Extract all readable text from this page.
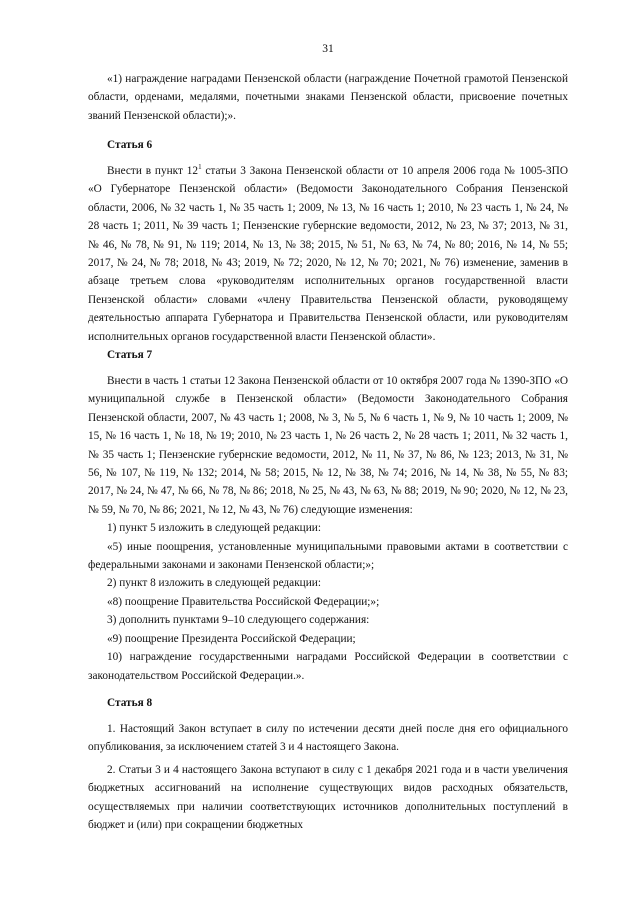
31

«1) награждение наградами Пензенской области (награждение Почетной грамотой Пензенской области, орденами, медалями, почетными знаками Пензенской области, присвоение почетных званий Пензенской области);».

Статья 6

Внести в пункт $12^1$ статьи 3 Закона Пензенской области от 10 апреля 2006 года № 1005-ЗПО «О Губернаторе Пензенской области» (Ведомости Законодательного Собрания Пензенской области, 2006, № 32 часть 1, № 35 часть 1; 2009, № 13, № 16 часть 1; 2010, № 23 часть 1, № 24, № 28 часть 1; 2011, № 39 часть 1; Пензенские губернские ведомости, 2012, № 23, № 37; 2013, № 31, № 46, № 78, № 91, № 119; 2014, № 13, № 38; 2015, № 51, № 63, № 74, № 80; 2016, № 14, № 55; 2017, № 24, № 78; 2018, № 43; 2019, № 72; 2020, № 12, № 70; 2021, № 76) изменение, заменив в абзаце третьем слова «руководителям исполнительных органов государственной власти Пензенской области» словами «члену Правительства Пензенской области, руководящему деятельностью аппарата Губернатора и Правительства Пензенской области, или руководителям исполнительных органов государственной власти Пензенской области».

Статья 7

Внести в часть 1 статьи 12 Закона Пензенской области от 10 октября 2007 года № 1390-ЗПО «О муниципальной службе в Пензенской области» (Ведомости Законодательного Собрания Пензенской области, 2007, № 43 часть 1; 2008, № 3, № 5, № 6 часть 1, № 9, № 10 часть 1; 2009, № 15, № 16 часть 1, № 18, № 19; 2010, № 23 часть 1, № 26 часть 2, № 28 часть 1; 2011, № 32 часть 1, № 35 часть 1; Пензенские губернские ведомости, 2012, № 11, № 37, № 86, № 123; 2013, № 31, № 56, № 107, № 119, № 132; 2014, № 58; 2015, № 12, № 38, № 74; 2016, № 14, № 38, № 55, № 83; 2017, № 24, № 47, № 66, № 78, № 86; 2018, № 25, № 43, № 63, № 88; 2019, № 90; 2020, № 12, № 23, № 59, № 70, № 86; 2021, № 12, № 43, № 76) следующие изменения:

1) пункт 5 изложить в следующей редакции:

«5) иные поощрения, установленные муниципальными правовыми актами в соответствии с федеральными законами и законами Пензенской области;»;

2) пункт 8 изложить в следующей редакции:

«8) поощрение Правительства Российской Федерации;»;

3) дополнить пунктами 9–10 следующего содержания:

«9) поощрение Президента Российской Федерации;

10) награждение государственными наградами Российской Федерации в соответствии с законодательством Российской Федерации.».

Статья 8

1. Настоящий Закон вступает в силу по истечении десяти дней после дня его официального опубликования, за исключением статей 3 и 4 настоящего Закона.

2. Статьи 3 и 4 настоящего Закона вступают в силу с 1 декабря 2021 года и в части увеличения бюджетных ассигнований на исполнение существующих видов расходных обязательств, осуществляемых при наличии соответствующих источников дополнительных поступлений в бюджет и (или) при сокращении бюджетных
